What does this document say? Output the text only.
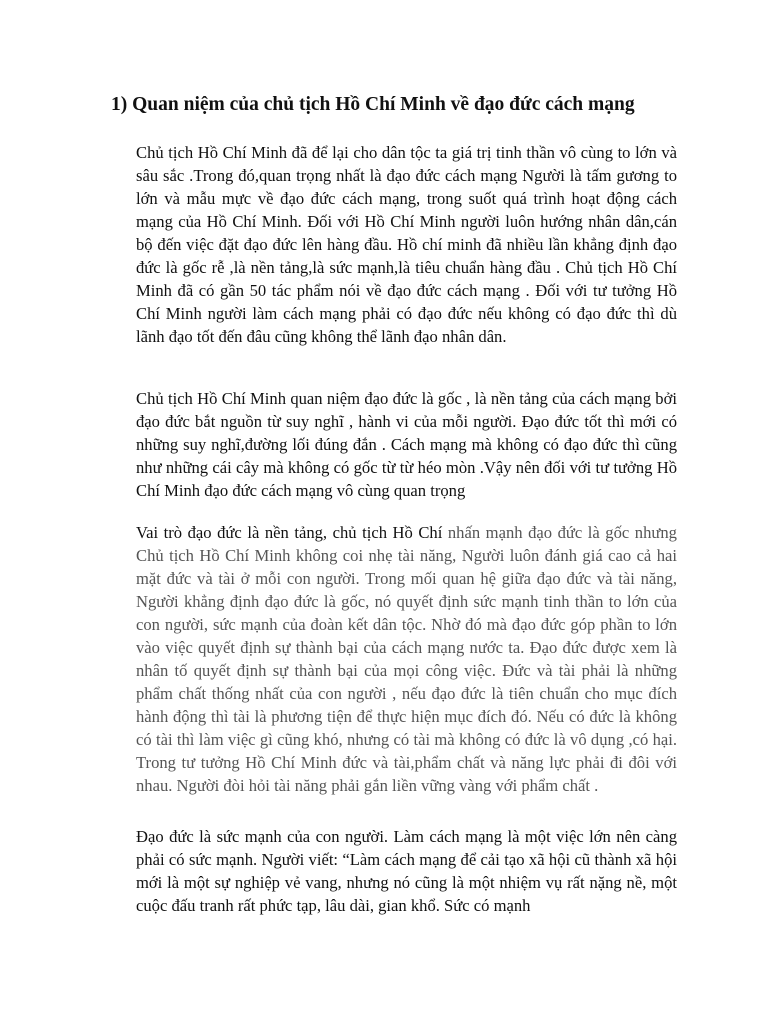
1) Quan niệm của chủ tịch Hồ Chí Minh về đạo đức cách mạng

Chủ tịch Hồ Chí Minh đã để lại cho dân tộc ta giá trị tinh thần vô cùng to lớn và sâu sắc .Trong đó,quan trọng nhất là đạo đức cách mạng Người là tấm gương to lớn và mẫu mực về đạo đức cách mạng, trong suốt quá trình hoạt động cách mạng của Hồ Chí Minh. Đối với Hồ Chí Minh người luôn hướng nhân dân,cán bộ đến việc đặt đạo đức lên hàng đầu. Hồ chí minh đã nhiều lần khẳng định đạo đức là gốc rễ ,là nền tảng,là sức mạnh,là tiêu chuẩn hàng đầu . Chủ tịch Hồ Chí Minh đã có gần 50 tác phẩm nói về đạo đức cách mạng . Đối với tư tưởng Hồ Chí Minh người làm cách mạng phải có đạo đức nếu không có đạo đức thì dù lãnh đạo tốt đến đâu cũng không thể lãnh đạo nhân dân.

Chủ tịch Hồ Chí Minh quan niệm đạo đức là gốc , là nền tảng của cách mạng bởi đạo đức bắt nguồn từ suy nghĩ , hành vi của mỗi người. Đạo đức tốt thì mới có những suy nghĩ,đường lối đúng đắn . Cách mạng mà không có đạo đức thì cũng như những cái cây mà không có gốc từ từ héo mòn .Vậy nên đối với tư tưởng Hồ Chí Minh đạo đức cách mạng vô cùng quan trọng

Vai trò đạo đức là nền tảng, chủ tịch Hồ Chí nhấn mạnh đạo đức là gốc nhưng Chủ tịch Hồ Chí Minh không coi nhẹ tài năng, Người luôn đánh giá cao cả hai mặt đức và tài ở mỗi con người. Trong mối quan hệ giữa đạo đức và tài năng, Người khẳng định đạo đức là gốc, nó quyết định sức mạnh tinh thần to lớn của con người, sức mạnh của đoàn kết dân tộc. Nhờ đó mà đạo đức góp phần to lớn vào việc quyết định sự thành bại của cách mạng nước ta. Đạo đức được xem là nhân tố quyết định sự thành bại của mọi công việc. Đức và tài phải là những phẩm chất thống nhất của con người , nếu đạo đức là tiên chuẩn cho mục đích hành động thì tài là phương tiện để thực hiện mục đích đó. Nếu có đức là không có tài thì làm việc gì cũng khó, nhưng có tài mà không có đức là vô dụng ,có hại. Trong tư tưởng Hồ Chí Minh đức và tài,phẩm chất và năng lực phải đi đôi với nhau. Người đòi hỏi tài năng phải gắn liền vững vàng với phẩm chất .

Đạo đức là sức mạnh của con người. Làm cách mạng là một việc lớn nên càng phải có sức mạnh. Người viết: “Làm cách mạng để cải tạo xã hội cũ thành xã hội mới là một sự nghiệp vẻ vang, nhưng nó cũng là một nhiệm vụ rất nặng nề, một cuộc đấu tranh rất phức tạp, lâu dài, gian khổ. Sức có mạnh
